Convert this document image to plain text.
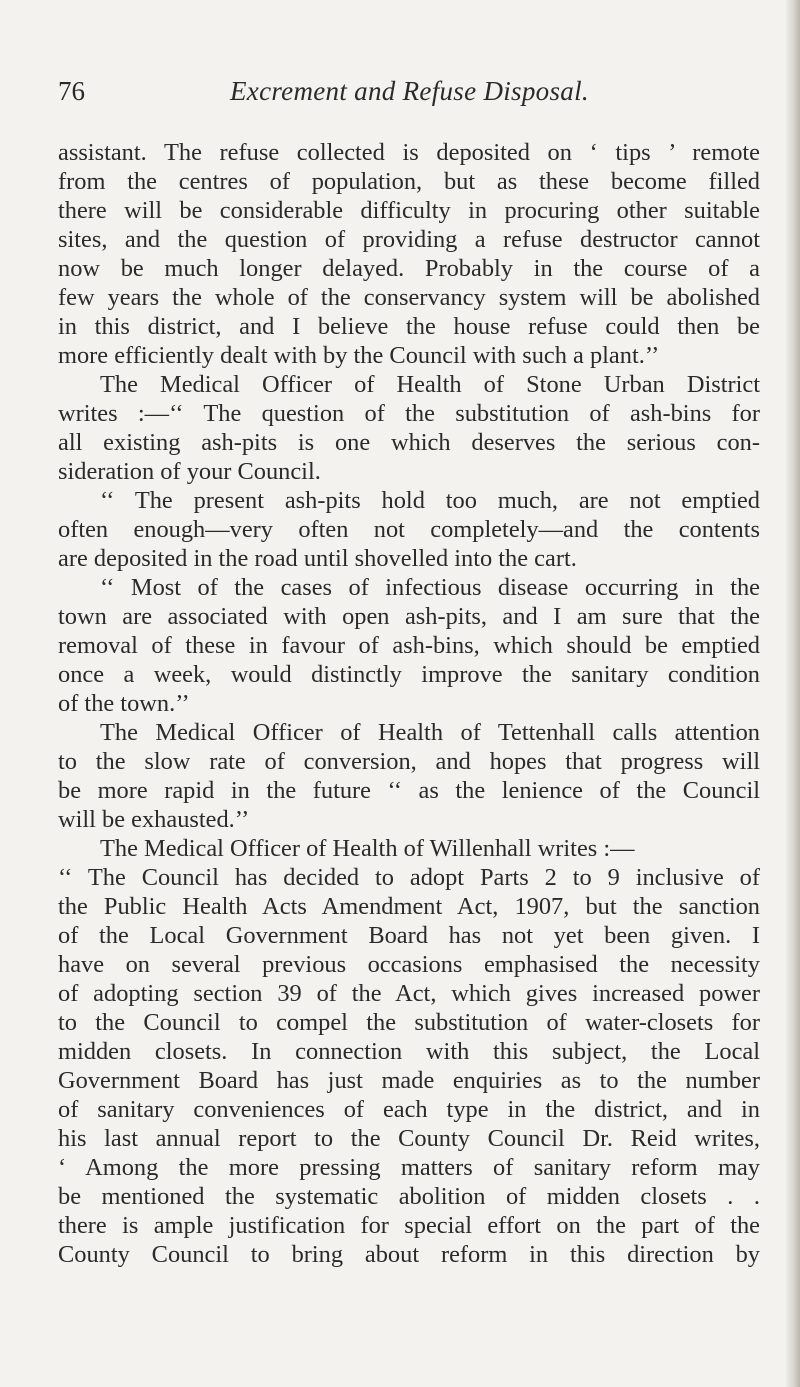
76	Excrement and Refuse Disposal.
assistant. The refuse collected is deposited on ‘ tips ’ remote
from the centres of population, but as these become filled
there will be considerable difficulty in procuring other suitable
sites, and the question of providing a refuse destructor cannot
now be much longer delayed. Probably in the course of a
few years the whole of the conservancy system will be abolished
in this district, and I believe the house refuse could then be
more efficiently dealt with by the Council with such a plant.’’
The Medical Officer of Health of Stone Urban District
writes :—‘‘ The question of the substitution of ash-bins for
all existing ash-pits is one which deserves the serious con-
sideration of your Council.
‘‘ The present ash-pits hold too much, are not emptied
often enough—very often not completely—and the contents
are deposited in the road until shovelled into the cart.
‘‘ Most of the cases of infectious disease occurring in the
town are associated with open ash-pits, and I am sure that the
removal of these in favour of ash-bins, which should be emptied
once a week, would distinctly improve the sanitary condition
of the town.’’
The Medical Officer of Health of Tettenhall calls attention
to the slow rate of conversion, and hopes that progress will
be more rapid in the future ‘‘ as the lenience of the Council
will be exhausted.’’
The Medical Officer of Health of Willenhall writes :—
‘‘ The Council has decided to adopt Parts 2 to 9 inclusive of
the Public Health Acts Amendment Act, 1907, but the sanction
of the Local Government Board has not yet been given. I
have on several previous occasions emphasised the necessity
of adopting section 39 of the Act, which gives increased power
to the Council to compel the substitution of water-closets for
midden closets. In connection with this subject, the Local
Government Board has just made enquiries as to the number
of sanitary conveniences of each type in the district, and in
his last annual report to the County Council Dr. Reid writes,
‘ Among the more pressing matters of sanitary reform may
be mentioned the systematic abolition of midden closets . .
there is ample justification for special effort on the part of the
County Council to bring about reform in this direction by
